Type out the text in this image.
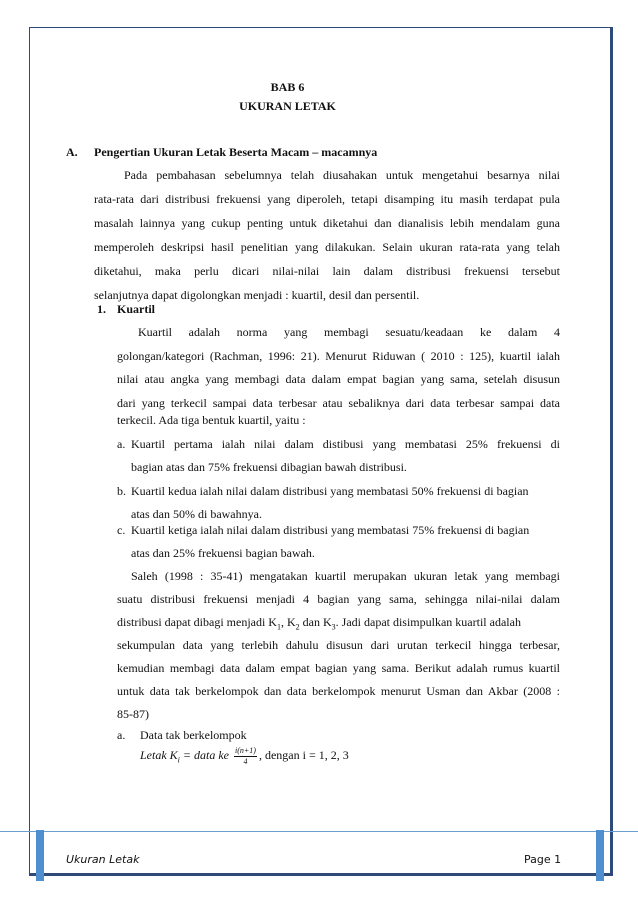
BAB 6
UKURAN LETAK
A. Pengertian Ukuran Letak Beserta Macam – macamnya
Pada pembahasan sebelumnya telah diusahakan untuk mengetahui besarnya nilai
rata-rata dari distribusi frekuensi yang diperoleh, tetapi disamping itu masih terdapat pula
masalah lainnya yang cukup penting untuk diketahui dan dianalisis lebih mendalam guna
memperoleh deskripsi hasil penelitian yang dilakukan. Selain ukuran rata-rata yang telah
diketahui, maka perlu dicari nilai-nilai lain dalam distribusi frekuensi tersebut
selanjutnya dapat digolongkan menjadi : kuartil, desil dan persentil.
1. Kuartil
Kuartil adalah norma yang membagi sesuatu/keadaan ke dalam 4
golongan/kategori (Rachman, 1996: 21). Menurut Riduwan ( 2010 : 125), kuartil ialah
nilai atau angka yang membagi data dalam empat bagian yang sama, setelah disusun
dari yang terkecil sampai data terbesar atau sebaliknya dari data terbesar sampai data
terkecil. Ada tiga bentuk kuartil, yaitu :
a. Kuartil pertama ialah nilai dalam distibusi yang membatasi 25% frekuensi di
bagian atas dan 75% frekuensi dibagian bawah distribusi.
b. Kuartil kedua ialah nilai dalam distribusi yang membatasi 50% frekuensi di bagian
atas dan 50% di bawahnya.
c. Kuartil ketiga ialah nilai dalam distribusi yang membatasi 75% frekuensi di bagian
atas dan 25% frekuensi bagian bawah.
Saleh (1998 : 35-41) mengatakan kuartil merupakan ukuran letak yang membagi
suatu distribusi frekuensi menjadi 4 bagian yang sama, sehingga nilai-nilai dalam
distribusi dapat dibagi menjadi $K_1$, $K_2$ dan $K_3$. Jadi dapat disimpulkan kuartil adalah
sekumpulan data yang terlebih dahulu disusun dari urutan terkecil hingga terbesar,
kemudian membagi data dalam empat bagian yang sama. Berikut adalah rumus kuartil
untuk data tak berkelompok dan data berkelompok menurut Usman dan Akbar (2008 :
85-87)
a. Data tak berkelompok
Letak $K_i$ = data ke $\frac{i(n+1)}{4}$ , dengan i = 1, 2, 3
Ukuran Letak	Page 1
